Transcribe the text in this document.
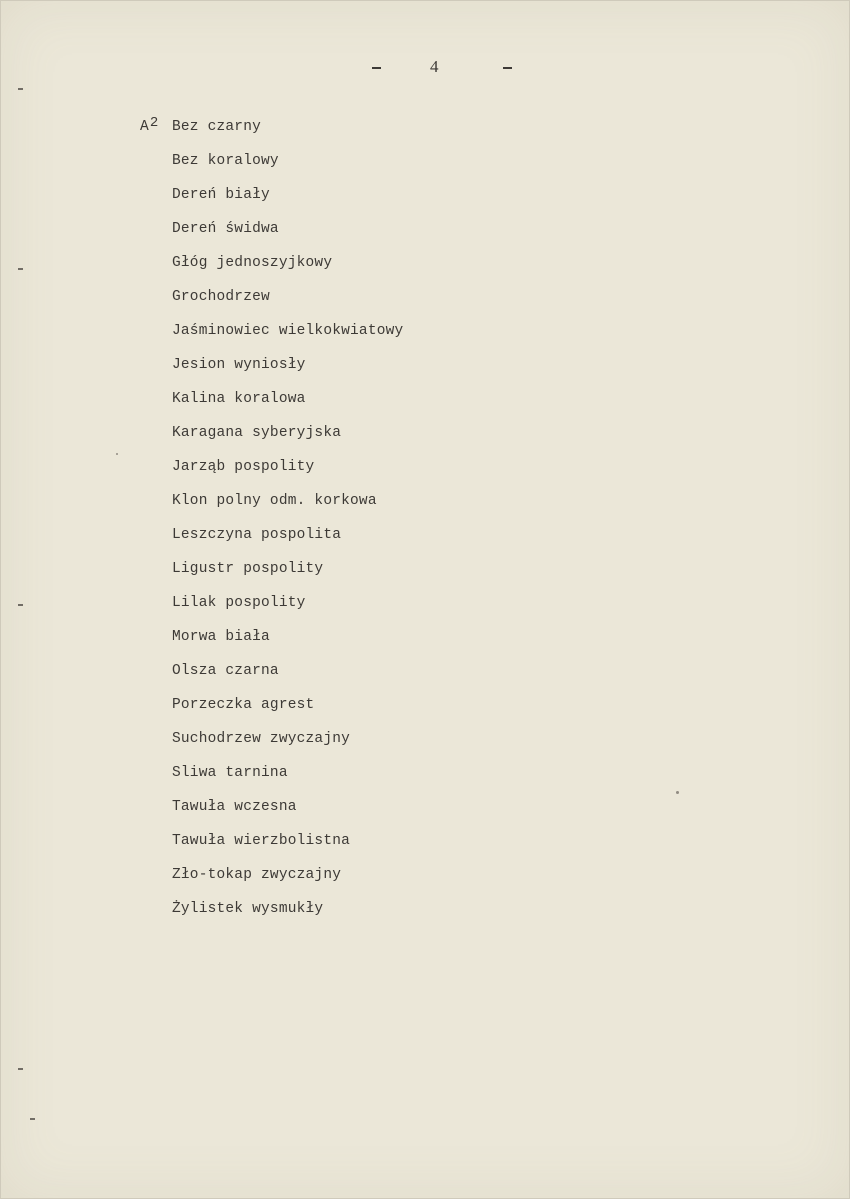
4
$A^2$ Bez czarny
Bez koralowy
Dereń biały
Dereń świdwa
Głóg jednoszyjkowy
Grochodrzew
Jaśminowiec wielkokwiatowy
Jesion wyniosły
Kalina koralowa
Karagana syberyjska
Jarząb pospolity
Klon polny odm. korkowa
Leszczyna pospolita
Ligustr pospolity
Lilak pospolity
Morwa biała
Olsza czarna
Porzeczka agrest
Suchodrzew zwyczajny
Sliwa tarnina
Tawuła wczesna
Tawuła wierzbolistna
Zło-tokap zwyczajny
Żylistek wysmukły
